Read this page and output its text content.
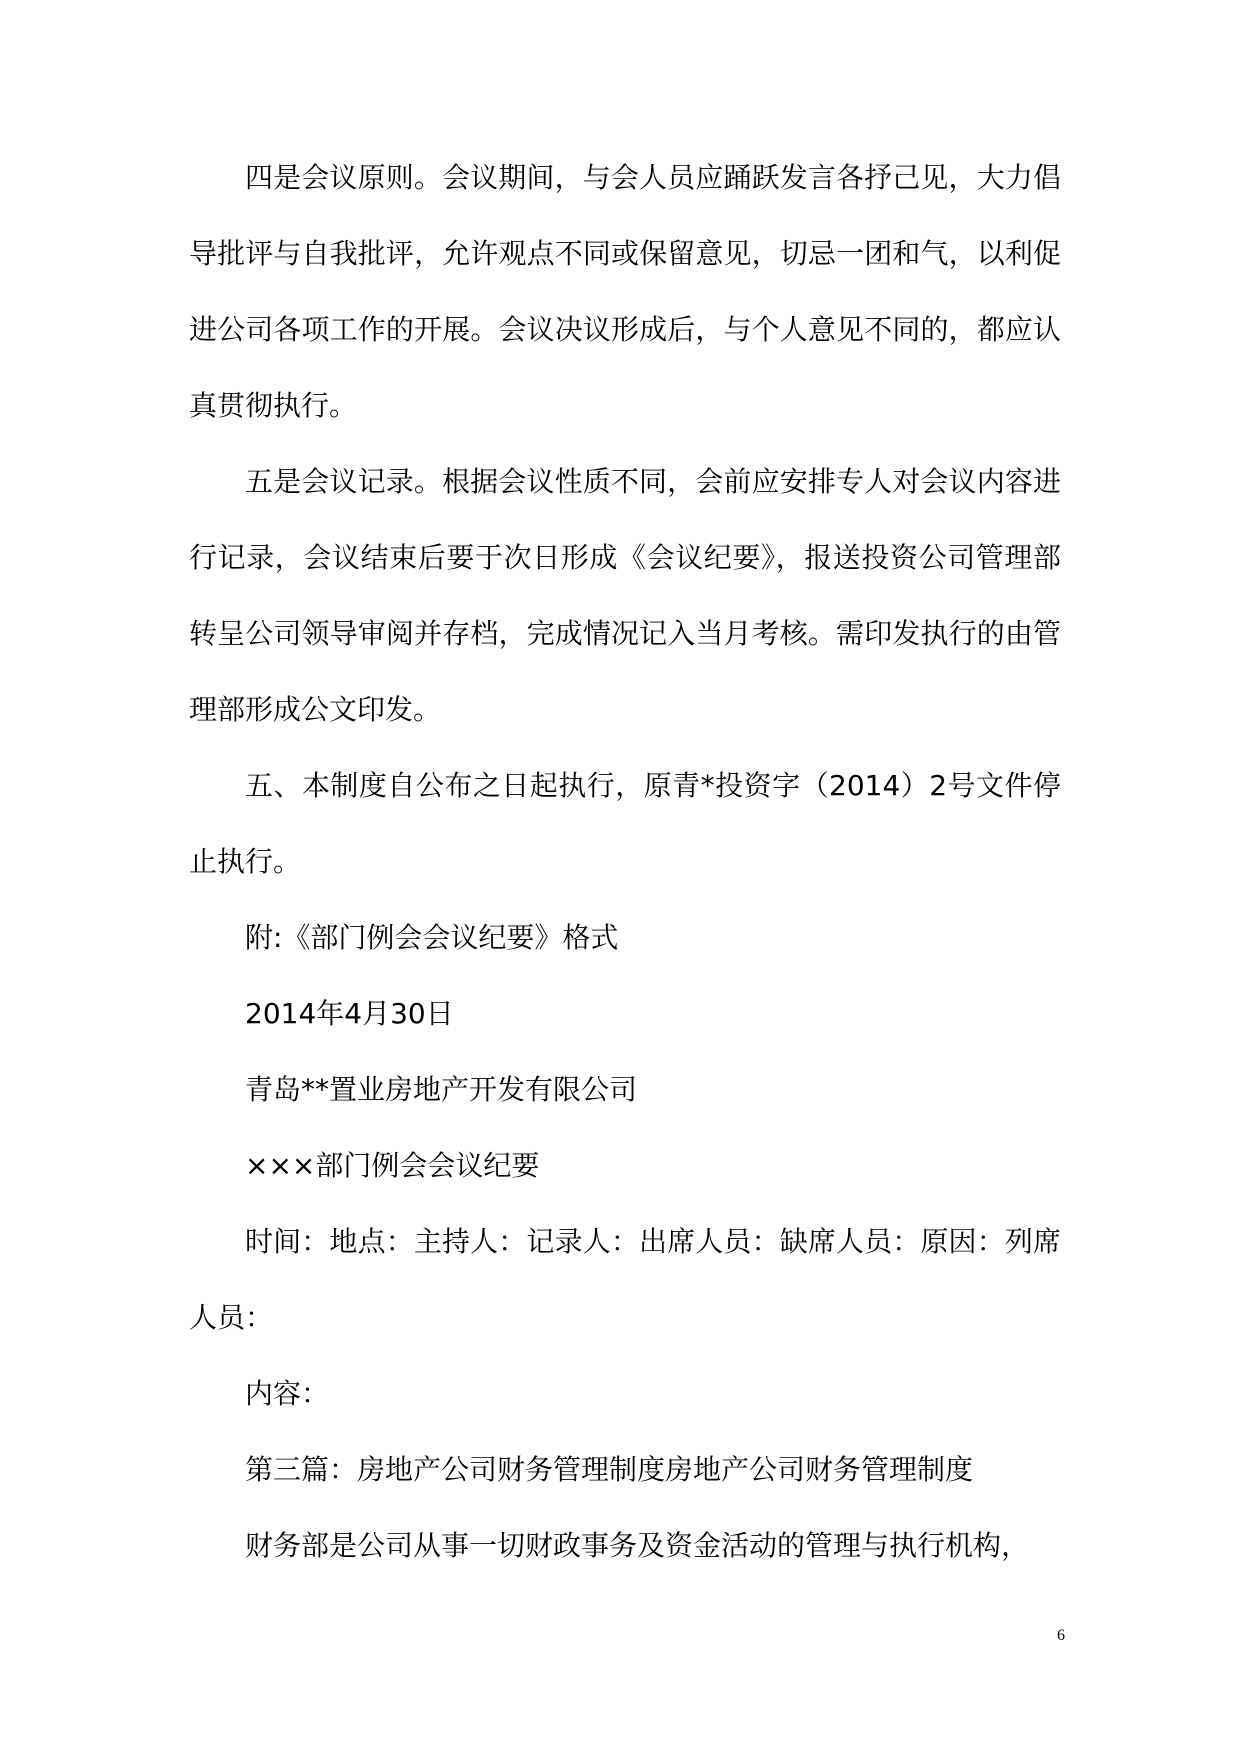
四是会议原则。会议期间，与会人员应踊跃发言各抒己见，大力倡导批评与自我批评，允许观点不同或保留意见，切忌一团和气，以利促进公司各项工作的开展。会议决议形成后，与个人意见不同的，都应认真贯彻执行。

五是会议记录。根据会议性质不同，会前应安排专人对会议内容进行记录，会议结束后要于次日形成《会议纪要》，报送投资公司管理部转呈公司领导审阅并存档，完成情况记入当月考核。需印发执行的由管理部形成公文印发。

五、本制度自公布之日起执行，原青*投资字（2014）2号文件停止执行。

附:《部门例会会议纪要》格式

2014年4月30日

青岛**置业房地产开发有限公司

×××部门例会会议纪要

时间：地点：主持人：记录人：出席人员：缺席人员：原因：列席人员：

内容：

第三篇：房地产公司财务管理制度房地产公司财务管理制度

财务部是公司从事一切财政事务及资金活动的管理与执行机构，

6
